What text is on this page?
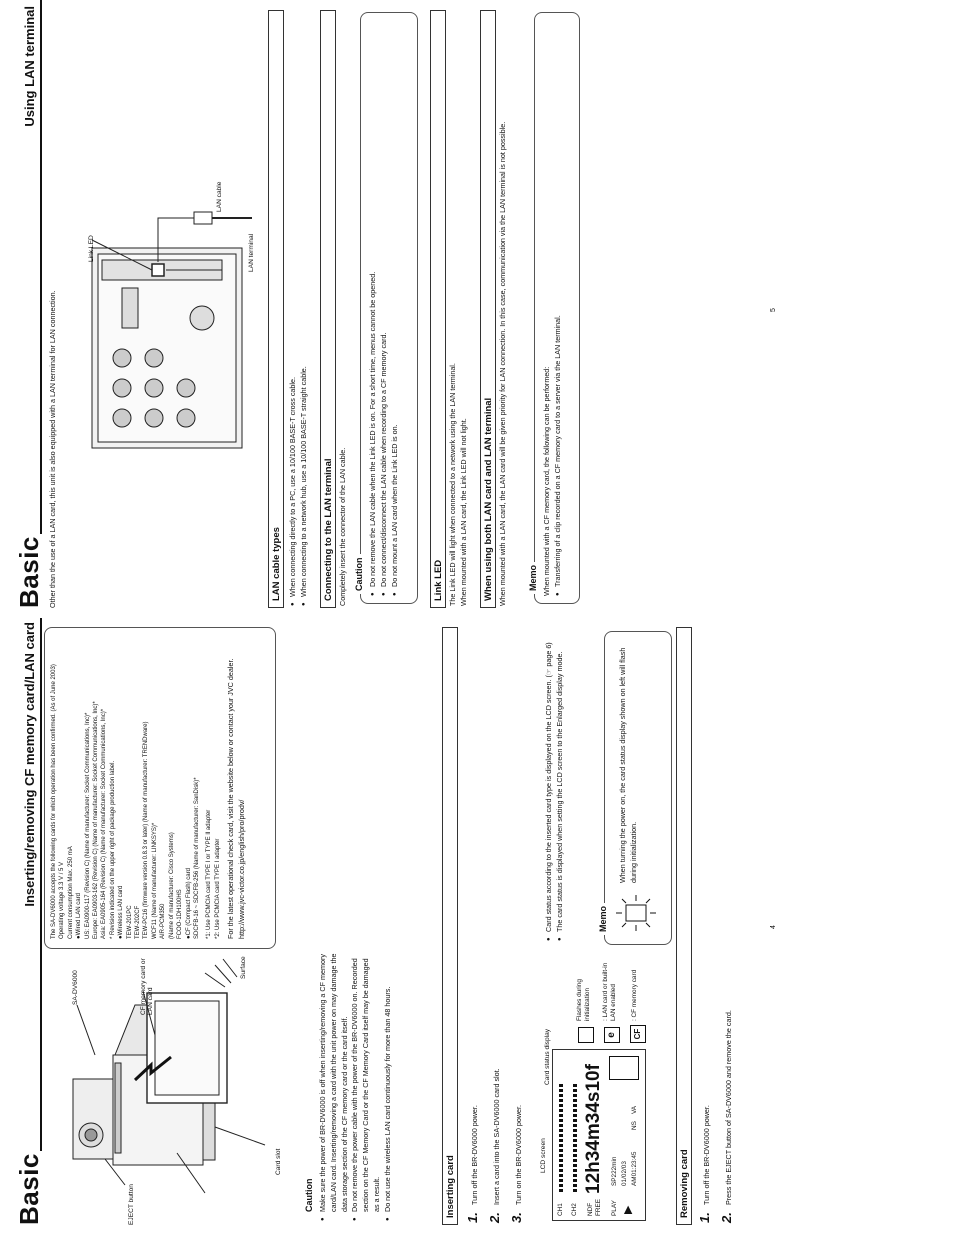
Basic
Inserting/removing CF memory card/LAN card
SA-DV6000
EJECT button
Card slot
CF memory card or LAN card
Surface
The SA-DV6000 accepts the following cards for which operation has been confirmed. (As of June 2003) Operating voltage 3.3 V / 5 V Current consumption Max. 250 mA ●Wired LAN card US: EA0900-117 (Revision C) (Name of manufacturer: Socket Communications, Inc)* Europe: EA0903-162 (Revision C) (Name of manufacturer: Socket Communications, Inc)* Asia: EA0905-164 (Revision C) (Name of manufacturer: Socket Communications, Inc)* * Revision indicated on the upper right of package production label. ●Wireless LAN card TEW-201PC TEW-202CF TEW-PC16 (firmware version 0.8.3 or later) (Name of manufacturer: TRENDware) WCF11 (Name of manufacturer: LINKSYS)* AIR-PCM350 (Name of manufacturer: Cisco Systems) FCOO-1DH100HS ●CF (Compact Flash) card SDCFB-16 ~ SDCFB-256 (Name of manufacturer: SanDisk)* *1: Use PCMCIA card TYPE Ⅰ or TYPE Ⅱ adapter *2: Use PCMCIA card TYPE Ⅰ adapter For the latest operational check card, visit the website below or contact your JVC dealer. http://www.jvc-victor.co.jp/english/pro/prodv/
Caution ● Make sure the power of BR-DV6000 is off when inserting/removing a CF memory card/LAN card. Inserting/removing a card with the unit power on may damage the data storage section of the CF memory card or the card itself. ● Do not remove the power cable with the power of the BR-DV6000 on. Recorded section on the CF Memory Card or the CF Memory Card itself may be damaged as a result. ● Do not use the wireless LAN card continuously for more than 48 hours.	Inserting card 1.Turn off the BR-DV6000 power.
2.Insert a card into the SA-DV6000 card slot.
3.Turn on the BR-DV6000 power.	LCD screen
CH1 CH2 NDF FREE
12h34m34s10f
PLAY ▶
SP222min 01/02/03 AM01:23:45
NS
VA
Card status display
Flashes during initialization
e
: LAN card or built-in LAN enabled
CF
: CF memory card
● Card status according to the inserted card type is displayed on the LCD screen. (☞ page 6) ● The card status is displayed when setting the LCD screen to the Enlarged display mode.	Memo
When turning the power on, the card status display shown on left will flash during initialization.
Removing card 1.Turn off the BR-DV6000 power.
2.Press the EJECT button of SA-DV6000 and remove the card.
4
Basic
Using LAN terminal
Other than the use of a LAN card, this unit is also equipped with a LAN terminal for LAN connection.
Link LED
LAN cable
LAN terminal
LAN cable types ● When connecting directly to a PC, use a 10/100 BASE-T cross cable. ● When connecting to a network hub, use a 10/100 BASE-T straight cable. Connecting to the LAN terminal Completely insert the connector of the LAN cable. Caution ● Do not remove the LAN cable when the Link LED is on. For a short time, menus cannot be opened. ● Do not connect/disconnect the LAN cable when recording to a CF memory card. ● Do not mount a LAN card when the Link LED is on.	Link LED The Link LED will light when connected to a network using the LAN terminal. When mounted with a LAN card, the Link LED will not light. When using both LAN card and LAN terminal When mounted with a LAN card, the LAN card will be given priority for LAN connection. In this case, communication via the LAN terminal is not possible. Memo When mounted with a CF memory card, the following can be performed: ● Transferring of a clip recorded on a CF memory card to a server via the LAN terminal.
5
